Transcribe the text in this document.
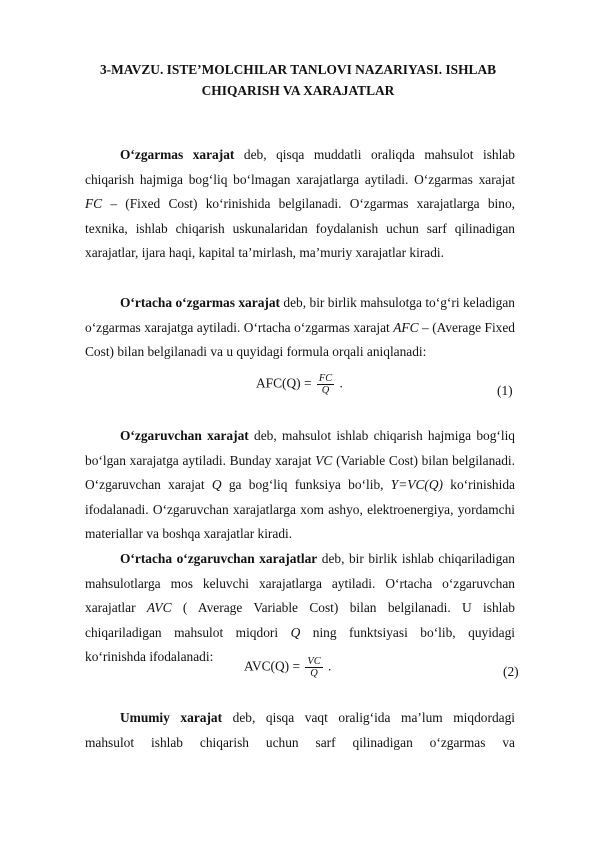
3-MAVZU. ISTE’MOLCHILAR TANLOVI NAZARIYASI. ISHLAB
CHIQARISH VA XARAJATLAR
O‘zgarmas xarajat deb, qisqa muddatli oraliqda mahsulot ishlab chiqarish hajmiga bog‘liq bo‘lmagan xarajatlarga aytiladi. O‘zgarmas xarajat FC – (Fixed Cost) ko‘rinishida belgilanadi. O‘zgarmas xarajatlarga bino, texnika, ishlab chiqarish uskunalaridan foydalanish uchun sarf qilinadigan xarajatlar, ijara haqi, kapital ta’mirlash, ma’muriy xarajatlar kiradi.
O‘rtacha o‘zgarmas xarajat deb, bir birlik mahsulotga to‘g‘ri keladigan o‘zgarmas xarajatga aytiladi. O‘rtacha o‘zgarmas xarajat AFC – (Average Fixed Cost) bilan belgilanadi va u quyidagi formula orqali aniqlanadi:
$AFC(Q) = \frac{FC}{Q}$ .	(1)
O‘zgaruvchan xarajat deb, mahsulot ishlab chiqarish hajmiga bog‘liq bo‘lgan xarajatga aytiladi. Bunday xarajat VC (Variable Cost) bilan belgilanadi. O‘zgaruvchan xarajat Q ga bog‘liq funksiya bo‘lib, Y=VC(Q) ko‘rinishida ifodalanadi. O‘zgaruvchan xarajatlarga xom ashyo, elektroenergiya, yordamchi materiallar va boshqa xarajatlar kiradi.
O‘rtacha o‘zgaruvchan xarajatlar deb, bir birlik ishlab chiqariladigan mahsulotlarga mos keluvchi xarajatlarga aytiladi. O‘rtacha o‘zgaruvchan xarajatlar AVC ( Average Variable Cost) bilan belgilanadi. U ishlab chiqariladigan mahsulot miqdori Q ning funktsiyasi bo‘lib, quyidagi ko‘rinishda ifodalanadi:
$AVC(Q) = \frac{VC}{Q}$ .	(2)
Umumiy xarajat deb, qisqa vaqt oralig‘ida ma’lum miqdordagi mahsulot ishlab chiqarish uchun sarf qilinadigan o‘zgarmas va
